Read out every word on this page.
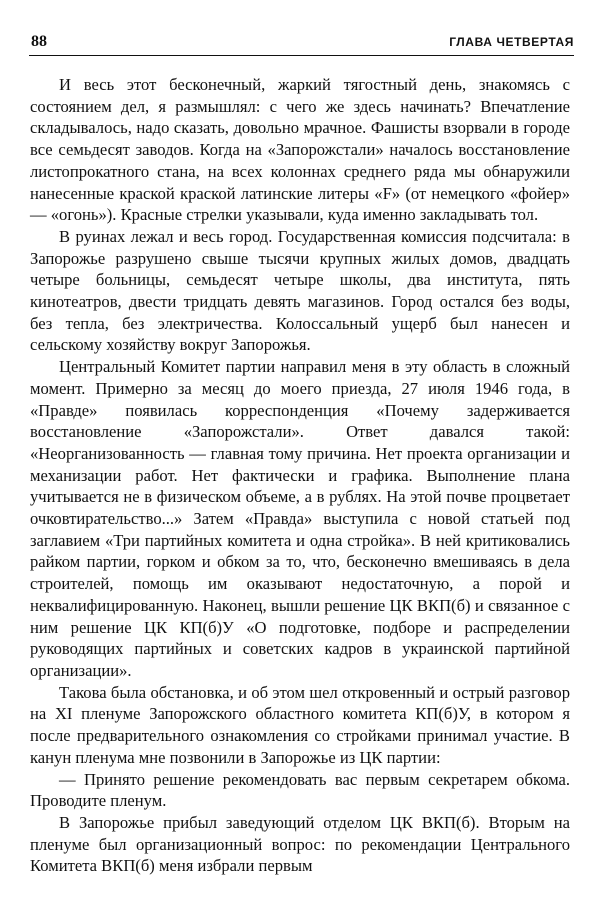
88	ГЛАВА ЧЕТВЕРТАЯ

И весь этот бесконечный, жаркий тягостный день, знакомясь с состоянием дел, я размышлял: с чего же здесь начинать? Впечатление складывалось, надо сказать, довольно мрачное. Фашисты взорвали в городе все семьдесят заводов. Когда на «Запорожстали» началось восстановление листопрокатного стана, на всех колоннах среднего ряда мы обнаружили нанесенные краской краской латинские литеры «F» (от немецкого «фойер» — «огонь»). Красные стрелки указывали, куда именно закладывать тол.

В руинах лежал и весь город. Государственная комиссия подсчитала: в Запорожье разрушено свыше тысячи крупных жилых домов, двадцать четыре больницы, семьдесят четыре школы, два института, пять кинотеатров, двести тридцать девять магазинов. Город остался без воды, без тепла, без электричества. Колоссальный ущерб был нанесен и сельскому хозяйству вокруг Запорожья.

Центральный Комитет партии направил меня в эту область в сложный момент. Примерно за месяц до моего приезда, 27 июля 1946 года, в «Правде» появилась корреспонденция «Почему задерживается восстановление «Запорожстали». Ответ давался такой: «Неорганизованность — главная тому причина. Нет проекта организации и механизации работ. Нет фактически и графика. Выполнение плана учитывается не в физическом объеме, а в рублях. На этой почве процветает очковтирательство...» Затем «Правда» выступила с новой статьей под заглавием «Три партийных комитета и одна стройка». В ней критиковались райком партии, горком и обком за то, что, бесконечно вмешиваясь в дела строителей, помощь им оказывают недостаточную, а порой и неквалифицированную. Наконец, вышли решение ЦК ВКП(б) и связанное с ним решение ЦК КП(б)У «О подготовке, подборе и распределении руководящих партийных и советских кадров в украинской партийной организации».

Такова была обстановка, и об этом шел откровенный и острый разговор на XI пленуме Запорожского областного комитета КП(б)У, в котором я после предварительного ознакомления со стройками принимал участие. В канун пленума мне позвонили в Запорожье из ЦК партии:

— Принято решение рекомендовать вас первым секретарем обкома. Проводите пленум.

В Запорожье прибыл заведующий отделом ЦК ВКП(б). Вторым на пленуме был организационный вопрос: по рекомендации Центрального Комитета ВКП(б) меня избрали первым
